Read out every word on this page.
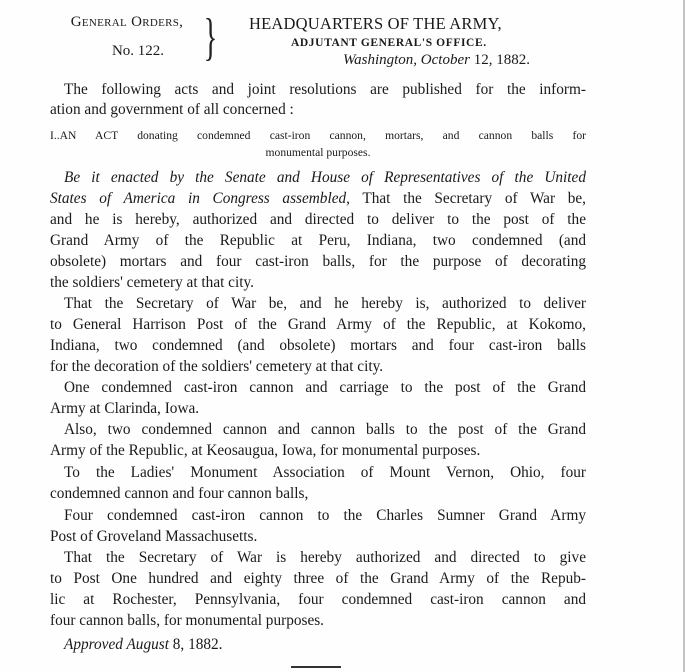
General Orders,
No. 122. } HEADQUARTERS OF THE ARMY,
ADJUTANT GENERAL'S OFFICE.
Washington, October 12, 1882.
The following acts and joint resolutions are published for the inform-
ation and government of all concerned :
I..AN ACT donating condemned cast-iron cannon, mortars, and cannon balls for
monumental purposes.
Be it enacted by the Senate and House of Representatives of the United
States of America in Congress assembled, That the Secretary of War be,
and he is hereby, authorized and directed to deliver to the post of the
Grand Army of the Republic at Peru, Indiana, two condemned (and
obsolete) mortars and four cast-iron balls, for the purpose of decorating
the soldiers' cemetery at that city.
That the Secretary of War be, and he hereby is, authorized to deliver
to General Harrison Post of the Grand Army of the Republic, at Kokomo,
Indiana, two condemned (and obsolete) mortars and four cast-iron balls
for the decoration of the soldiers' cemetery at that city.
One condemned cast-iron cannon and carriage to the post of the Grand
Army at Clarinda, Iowa.
Also, two condemned cannon and cannon balls to the post of the Grand
Army of the Republic, at Keosaugua, Iowa, for monumental purposes.
To the Ladies' Monument Association of Mount Vernon, Ohio, four
condemned cannon and four cannon balls,
Four condemned cast-iron cannon to the Charles Sumner Grand Army
Post of Groveland Massachusetts.
That the Secretary of War is hereby authorized and directed to give
to Post One hundred and eighty three of the Grand Army of the Repub-
lic at Rochester, Pennsylvania, four condemned cast-iron cannon and
four cannon balls, for monumental purposes.
Approved August 8, 1882.
